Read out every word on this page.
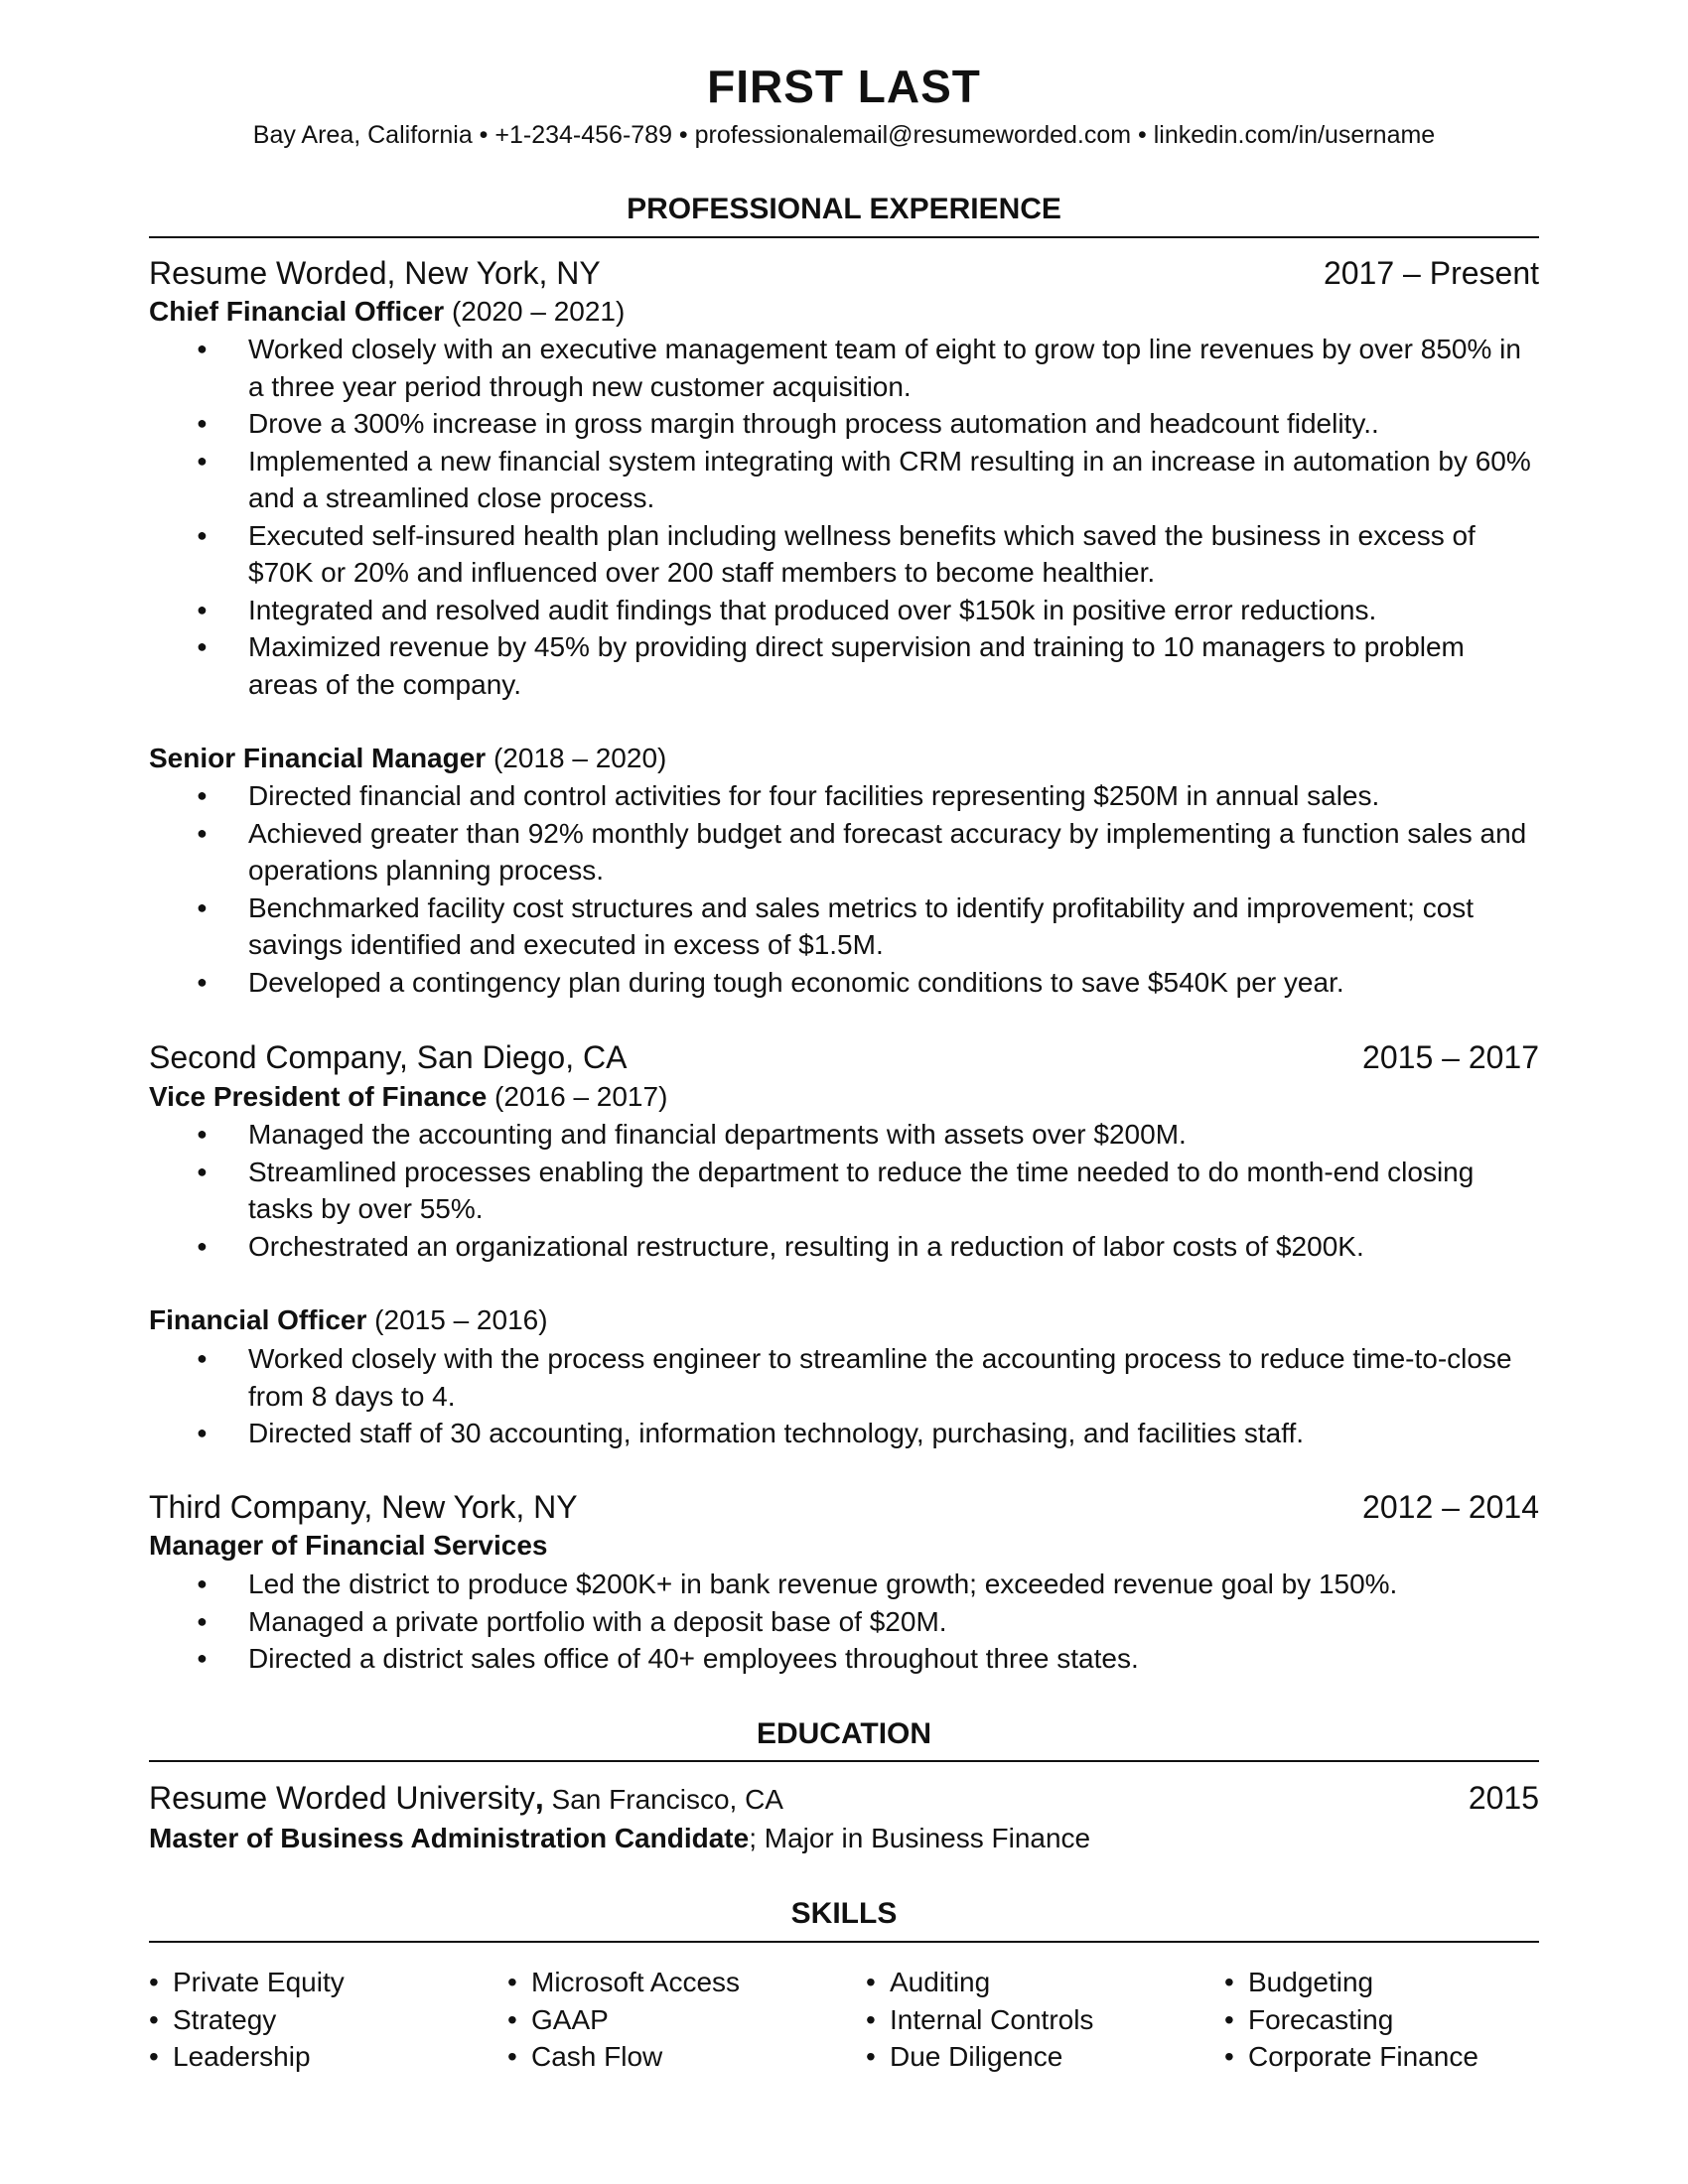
FIRST LAST
Bay Area, California • +1-234-456-789 • professionalemail@resumeworded.com • linkedin.com/in/username
PROFESSIONAL EXPERIENCE
Resume Worded, New York, NY	2017 – Present
Chief Financial Officer (2020 – 2021)
● Worked closely with an executive management team of eight to grow top line revenues by over 850% in a three year period through new customer acquisition.
● Drove a 300% increase in gross margin through process automation and headcount fidelity..
● Implemented a new financial system integrating with CRM resulting in an increase in automation by 60% and a streamlined close process.
● Executed self-insured health plan including wellness benefits which saved the business in excess of $70K or 20% and influenced over 200 staff members to become healthier.
● Integrated and resolved audit findings that produced over $150k in positive error reductions.
● Maximized revenue by 45% by providing direct supervision and training to 10 managers to problem areas of the company.
Senior Financial Manager (2018 – 2020)
● Directed financial and control activities for four facilities representing $250M in annual sales.
● Achieved greater than 92% monthly budget and forecast accuracy by implementing a function sales and operations planning process.
● Benchmarked facility cost structures and sales metrics to identify profitability and improvement; cost savings identified and executed in excess of $1.5M.
● Developed a contingency plan during tough economic conditions to save $540K per year.
Second Company, San Diego, CA	2015 – 2017
Vice President of Finance (2016 – 2017)
● Managed the accounting and financial departments with assets over $200M.
● Streamlined processes enabling the department to reduce the time needed to do month-end closing tasks by over 55%.
● Orchestrated an organizational restructure, resulting in a reduction of labor costs of $200K.
Financial Officer (2015 – 2016)
● Worked closely with the process engineer to streamline the accounting process to reduce time-to-close from 8 days to 4.
● Directed staff of 30 accounting, information technology, purchasing, and facilities staff.
Third Company, New York, NY	2012 – 2014
Manager of Financial Services
● Led the district to produce $200K+ in bank revenue growth; exceeded revenue goal by 150%.
● Managed a private portfolio with a deposit base of $20M.
● Directed a district sales office of 40+ employees throughout three states.
EDUCATION
Resume Worded University, San Francisco, CA	2015
Master of Business Administration Candidate; Major in Business Finance
SKILLS
• Private Equity
• Strategy
• Leadership
• Microsoft Access
• GAAP
• Cash Flow
• Auditing
• Internal Controls
• Due Diligence
• Budgeting
• Forecasting
• Corporate Finance
